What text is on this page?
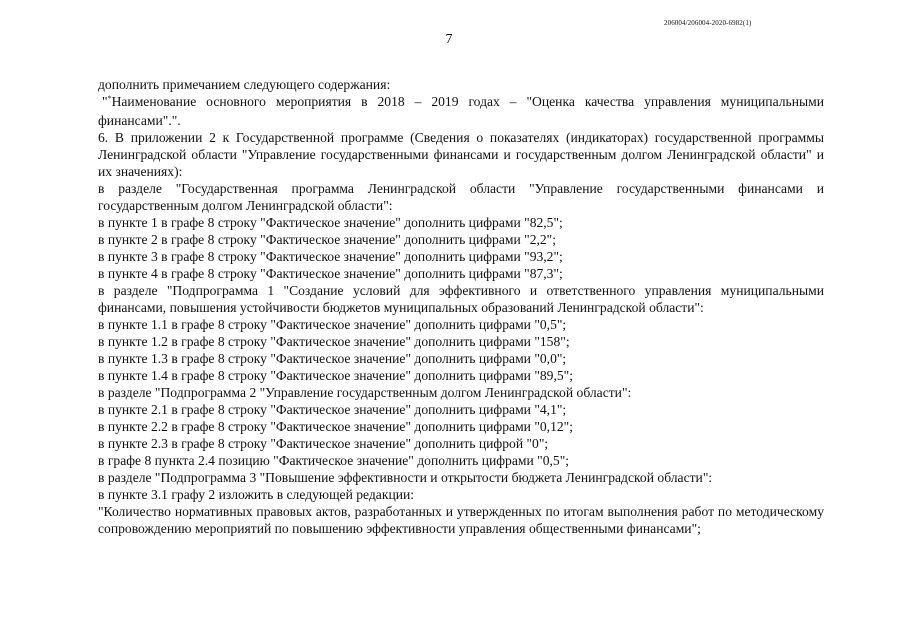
206004/206004-2020-6982(1)
7

дополнить примечанием следующего содержания:

"*Наименование основного мероприятия в 2018 – 2019 годах – "Оценка качества управления муниципальными финансами".".

6. В приложении 2 к Государственной программе (Сведения о показателях (индикаторах) государственной программы Ленинградской области "Управление государственными финансами и государственным долгом Ленинградской области" и их значениях):

в разделе "Государственная программа Ленинградской области "Управление государственными финансами и государственным долгом Ленинградской области":

в пункте 1 в графе 8 строку "Фактическое значение" дополнить цифрами "82,5";

в пункте 2 в графе 8 строку "Фактическое значение" дополнить цифрами "2,2";

в пункте 3 в графе 8 строку "Фактическое значение" дополнить цифрами "93,2";

в пункте 4 в графе 8 строку "Фактическое значение" дополнить цифрами "87,3";

в разделе "Подпрограмма 1 "Создание условий для эффективного и ответственного управления муниципальными финансами, повышения устойчивости бюджетов муниципальных образований Ленинградской области":

в пункте 1.1 в графе 8 строку "Фактическое значение" дополнить цифрами "0,5";

в пункте 1.2 в графе 8 строку "Фактическое значение" дополнить цифрами "158";

в пункте 1.3 в графе 8 строку "Фактическое значение" дополнить цифрами "0,0";

в пункте 1.4 в графе 8 строку "Фактическое значение" дополнить цифрами "89,5";

в разделе "Подпрограмма 2 "Управление государственным долгом Ленинградской области":

в пункте 2.1 в графе 8 строку "Фактическое значение" дополнить цифрами "4,1";

в пункте 2.2 в графе 8 строку "Фактическое значение" дополнить цифрами "0,12";

в пункте 2.3 в графе 8 строку "Фактическое значение" дополнить цифрой "0";

в графе 8 пункта 2.4 позицию "Фактическое значение" дополнить цифрами "0,5";

в разделе "Подпрограмма 3 "Повышение эффективности и открытости бюджета Ленинградской области":

в пункте 3.1 графу 2 изложить в следующей редакции:

"Количество нормативных правовых актов, разработанных и утвержденных по итогам выполнения работ по методическому сопровождению мероприятий по повышению эффективности управления общественными финансами";
